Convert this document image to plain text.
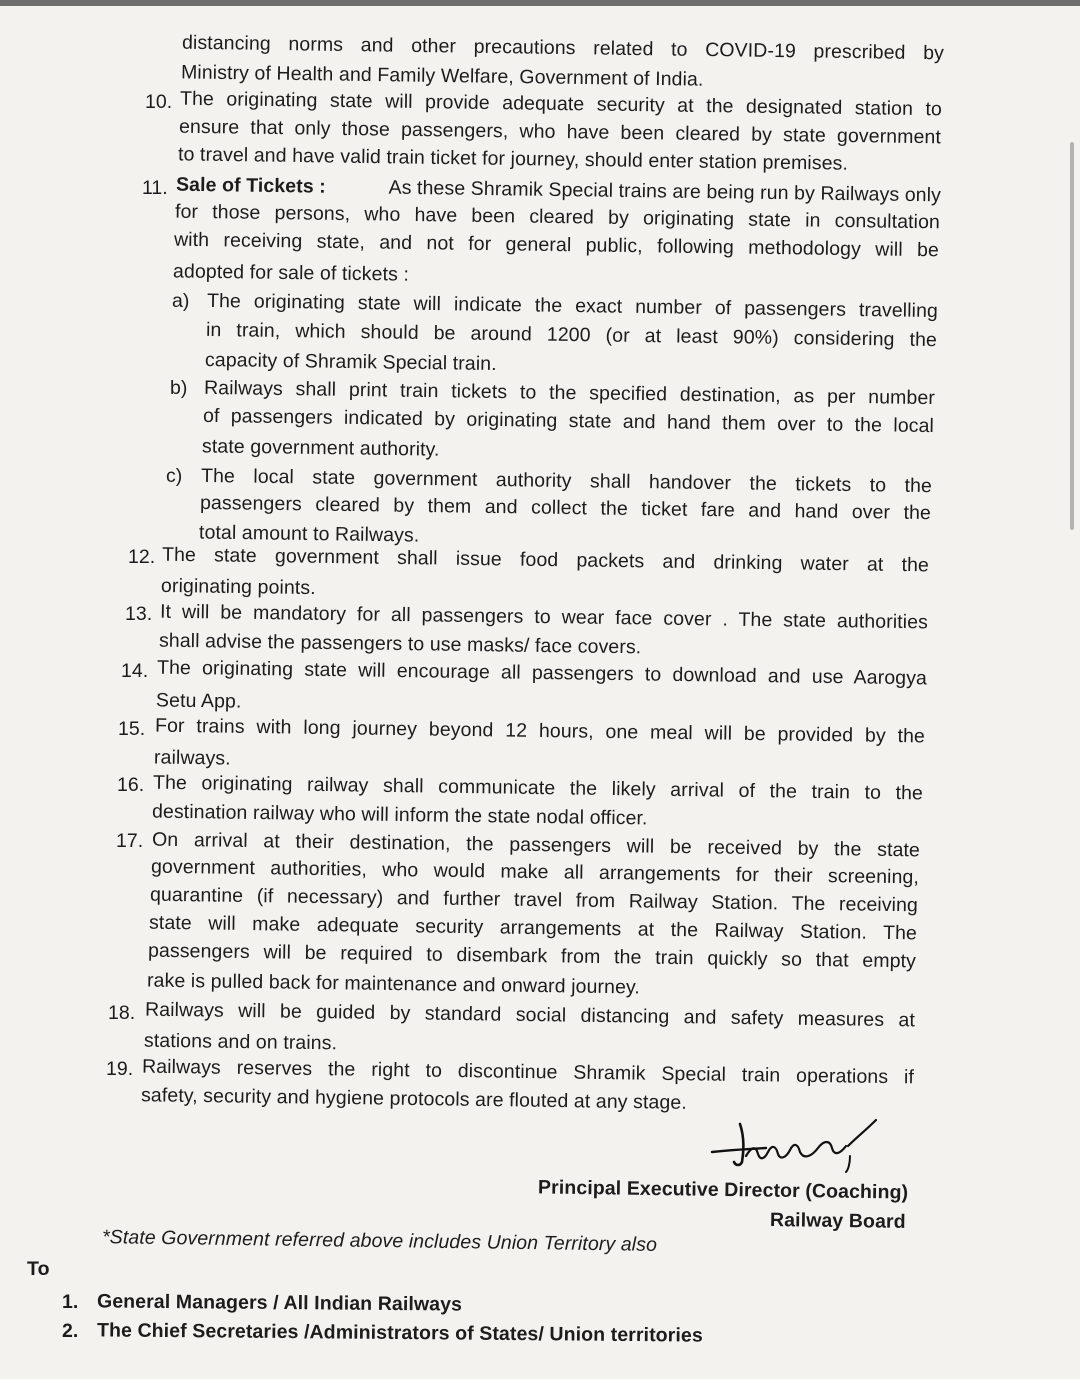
distancing norms and other precautions related to COVID-19 prescribed by
Ministry of Health and Family Welfare, Government of India.
10. The originating state will provide adequate security at the designated station to
ensure that only those passengers, who have been cleared by state government
to travel and have valid train ticket for journey, should enter station premises.
11. Sale of Tickets :	As these Shramik Special trains are being run by Railways only
for those persons, who have been cleared by originating state in consultation
with receiving state, and not for general public, following methodology will be
adopted for sale of tickets :
a) The originating state will indicate the exact number of passengers travelling
in train, which should be around 1200 (or at least 90%) considering the
capacity of Shramik Special train.
b) Railways shall print train tickets to the specified destination, as per number
of passengers indicated by originating state and hand them over to the local
state government authority.
c) The local state government authority shall handover the tickets to the
passengers cleared by them and collect the ticket fare and hand over the
total amount to Railways.
12. The state government shall issue food packets and drinking water at the
originating points.
13. It will be mandatory for all passengers to wear face cover . The state authorities
shall advise the passengers to use masks/ face covers.
14. The originating state will encourage all passengers to download and use Aarogya
Setu App.
15. For trains with long journey beyond 12 hours, one meal will be provided by the
railways.
16. The originating railway shall communicate the likely arrival of the train to the
destination railway who will inform the state nodal officer.
17. On arrival at their destination, the passengers will be received by the state
government authorities, who would make all arrangements for their screening,
quarantine (if necessary) and further travel from Railway Station. The receiving
state will make adequate security arrangements at the Railway Station. The
passengers will be required to disembark from the train quickly so that empty
rake is pulled back for maintenance and onward journey.
18. Railways will be guided by standard social distancing and safety measures at
stations and on trains.
19. Railways reserves the right to discontinue Shramik Special train operations if
safety, security and hygiene protocols are flouted at any stage.
Principal Executive Director (Coaching)
Railway Board
*State Government referred above includes Union Territory also
To
1. General Managers / All Indian Railways
2. The Chief Secretaries /Administrators of States/ Union territories
